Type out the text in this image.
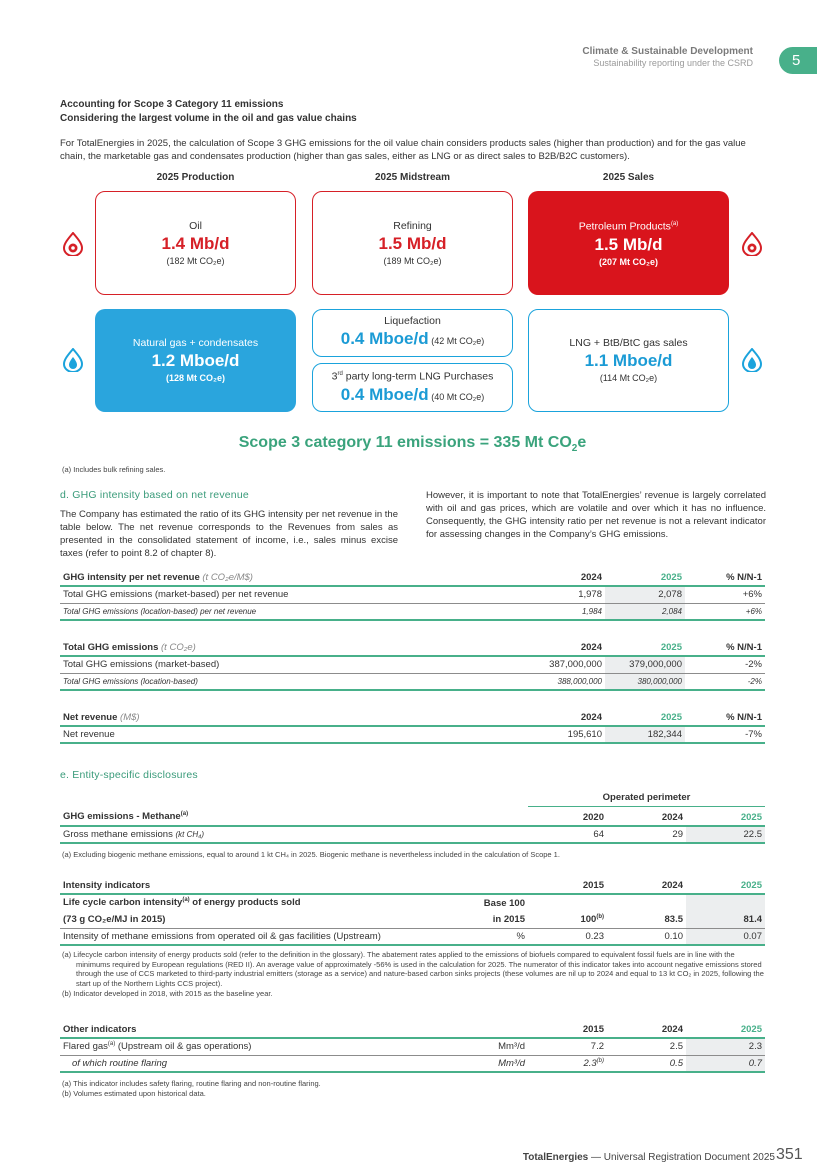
Climate & Sustainable Development
Sustainability reporting under the CSRD	5
Accounting for Scope 3 Category 11 emissions
Considering the largest volume in the oil and gas value chains

For TotalEnergies in 2025, the calculation of Scope 3 GHG emissions for the oil value chain considers products sales (higher than production) and for the gas value chain, the marketable gas and condensates production (higher than gas sales, either as LNG or as direct sales to B2B/B2C customers).

2025 Production	2025 Midstream	2025 Sales
Oil
1.4 Mb/d
(182 Mt CO₂e)
Refining
1.5 Mb/d
(189 Mt CO₂e)
Petroleum Products$^{(a)}$
1.5 Mb/d
(207 Mt CO₂e)
Natural gas + condensates
1.2 Mboe/d
(128 Mt CO₂e)
Liquefaction
0.4 Mboe/d (42 Mt CO₂e)
3rd party long-term LNG Purchases
0.4 Mboe/d (40 Mt CO₂e)
LNG + BtB/BtC gas sales
1.1 Mboe/d
(114 Mt CO₂e)
Scope 3 category 11 emissions = 335 Mt $CO_2e$
(a) Includes bulk refining sales.
d. GHG intensity based on net revenue

The Company has estimated the ratio of its GHG intensity per net revenue in the table below. The net revenue corresponds to the Revenues from sales as presented in the consolidated statement of income, i.e., sales minus excise taxes (refer to point 8.2 of chapter 8).

However, it is important to note that TotalEnergies’ revenue is largely correlated with oil and gas prices, which are volatile and over which it has no influence. Consequently, the GHG intensity ratio per net revenue is not a relevant indicator for assessing changes in the Company’s GHG emissions.

GHG intensity per net revenue (t CO₂e/M$)	2024	2025	% N/N-1
Total GHG emissions (market-based) per net revenue	1,978	2,078	+6%
Total GHG emissions (location-based) per net revenue	1,984	2,084	+6%
Total GHG emissions (t CO₂e)	2024	2025	% N/N-1
Total GHG emissions (market-based)	387,000,000	379,000,000	-2%
Total GHG emissions (location-based)	388,000,000	380,000,000	-2%
Net revenue (M$)	2024	2025	% N/N-1
Net revenue	195,610	182,344	-7%
e. Entity-specific disclosures
Operated perimeter
GHG emissions - Methane$^{(a)}$	2020	2024	2025
Gross methane emissions (kt CH₄)	64	29	22.5
(a) Excluding biogenic methane emissions, equal to around 1 kt CH₄ in 2025. Biogenic methane is nevertheless included in the calculation of Scope 1.
Intensity indicators		2015	2024	2025
Life cycle carbon intensity$^{(a)}$ of energy products sold	Base 100			
(73 g CO₂e/MJ in 2015)	in 2015	100$^{(b)}$	83.5	81.4
Intensity of methane emissions from operated oil & gas facilities (Upstream)	%	0.23	0.10	0.07
(a) Lifecycle carbon intensity of energy products sold (refer to the definition in the glossary). The abatement rates applied to the emissions of biofuels compared to equivalent fossil fuels are in line with the minimums required by European regulations (RED II). An average value of approximately -56% is used in the calculation for 2025. The numerator of this indicator takes into account negative emissions stored through the use of CCS marketed to third-party industrial emitters (storage as a service) and nature-based carbon sinks projects (these volumes are nil up to 2024 and equal to 13 kt CO₂ in 2025, following the start up of the Northern Lights CCS project).
(b) Indicator developed in 2018, with 2015 as the baseline year.
Other indicators		2015	2024	2025
Flared gas$^{(a)}$ (Upstream oil & gas operations)	Mm³/d	7.2	2.5	2.3
of which routine flaring	Mm³/d	2.3$^{(b)}$	0.5	0.7
(a) This indicator includes safety flaring, routine flaring and non-routine flaring.
(b) Volumes estimated upon historical data.
TotalEnergies — Universal Registration Document 2025 351
